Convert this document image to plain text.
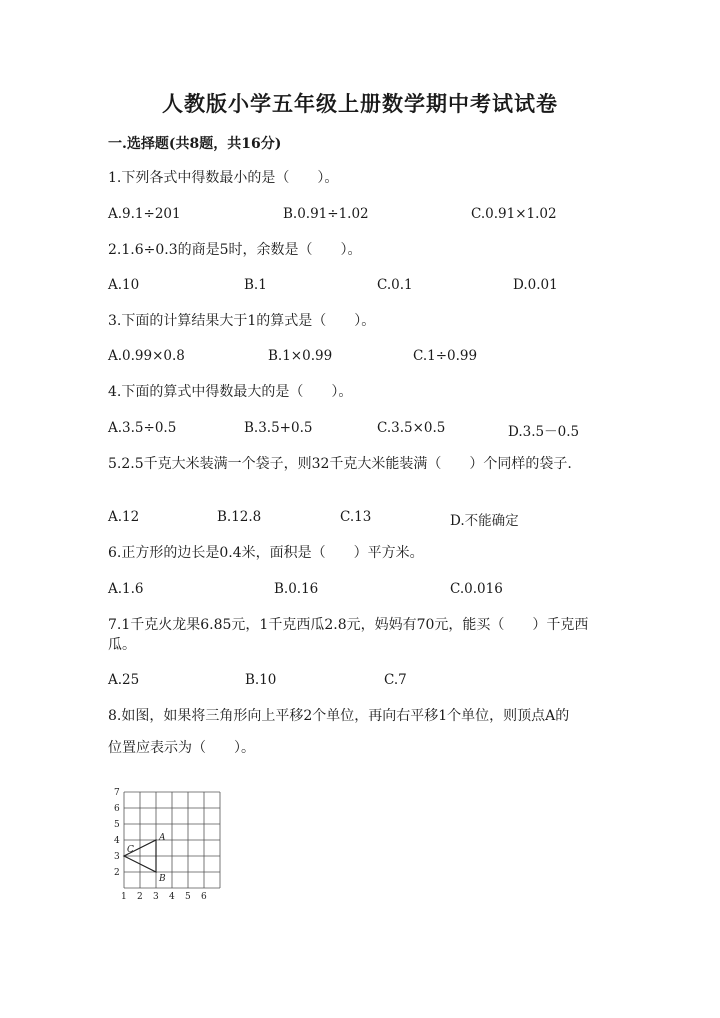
人教版小学五年级上册数学期中考试试卷
一.选择题(共8题，共16分)
1.下列各式中得数最小的是（　　）。
A.9.1÷201	B.0.91÷1.02	C.0.91×1.02
2.1.6÷0.3的商是5时，余数是（　　）。
A.10	B.1	C.0.1	D.0.01
3.下面的计算结果大于1的算式是（　　）。
A.0.99×0.8	B.1×0.99	C.1÷0.99
4.下面的算式中得数最大的是（　　）。
A.3.5÷0.5	B.3.5+0.5	C.3.5×0.5	D.3.5－0.5
5.2.5千克大米装满一个袋子，则32千克大米能装满（　　）个同样的袋子.
A.12	B.12.8	C.13	D.不能确定
6.正方形的边长是0.4米，面积是（　　）平方米。
A.1.6	B.0.16	C.0.016
7.1千克火龙果6.85元，1千克西瓜2.8元，妈妈有70元，能买（　　）千克西瓜。
A.25	B.10	C.7
8.如图，如果将三角形向上平移2个单位，再向右平移1个单位，则顶点A的
位置应表示为（　　）。
2
3
4
5
6
7
1 2 3 4 5 6
A
B
C
